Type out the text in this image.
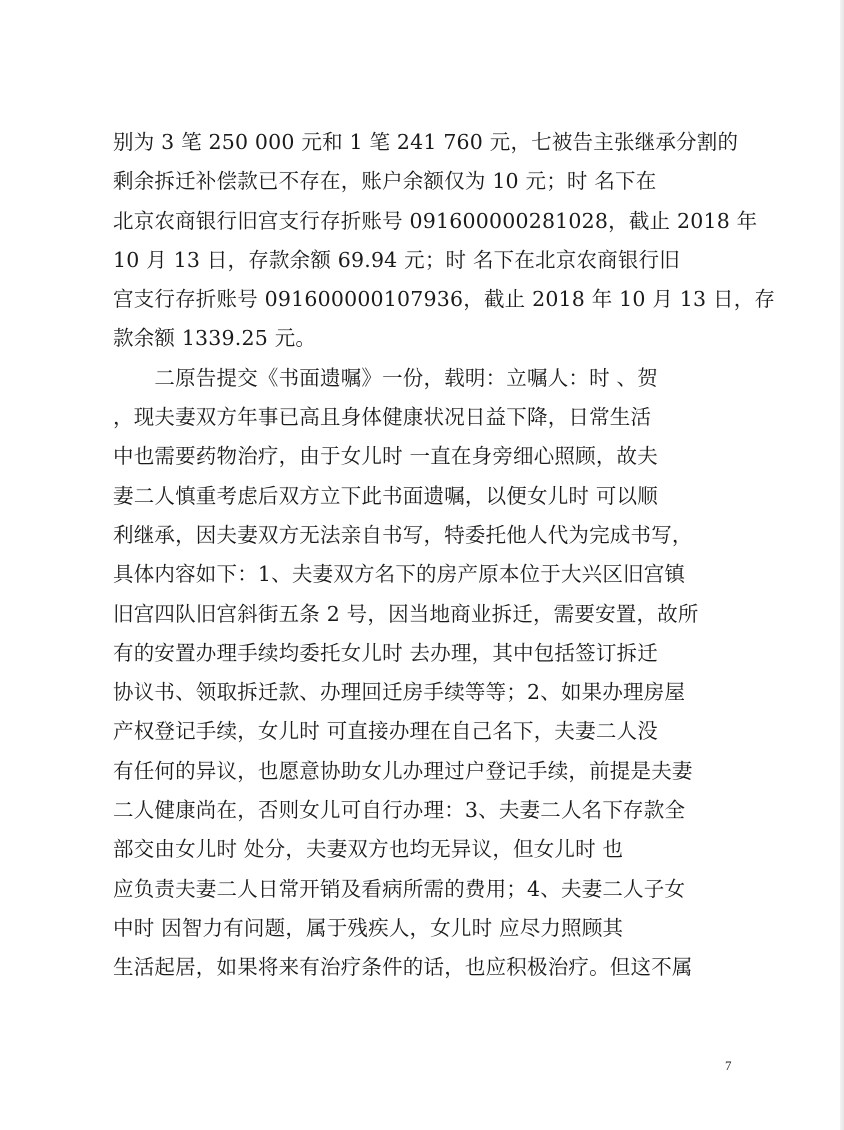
别为 3 笔 250 000 元和 1 笔 241 760 元，七被告主张继承分割的
剩余拆迁补偿款已不存在，账户余额仅为 10 元；时 名下在
北京农商银行旧宫支行存折账号 091600000281028，截止 2018 年
10 月 13 日，存款余额 69.94 元；时 名下在北京农商银行旧
宫支行存折账号 091600000107936，截止 2018 年 10 月 13 日，存
款余额 1339.25 元。
　　二原告提交《书面遗嘱》一份，载明：立嘱人：时 、贺
，现夫妻双方年事已高且身体健康状况日益下降，日常生活
中也需要药物治疗，由于女儿时 一直在身旁细心照顾，故夫
妻二人慎重考虑后双方立下此书面遗嘱，以便女儿时 可以顺
利继承，因夫妻双方无法亲自书写，特委托他人代为完成书写，
具体内容如下：1、夫妻双方名下的房产原本位于大兴区旧宫镇
旧宫四队旧宫斜街五条 2 号，因当地商业拆迁，需要安置，故所
有的安置办理手续均委托女儿时 去办理，其中包括签订拆迁
协议书、领取拆迁款、办理回迁房手续等等；2、如果办理房屋
产权登记手续，女儿时 可直接办理在自己名下，夫妻二人没
有任何的异议，也愿意协助女儿办理过户登记手续，前提是夫妻
二人健康尚在，否则女儿可自行办理：3、夫妻二人名下存款全
部交由女儿时 处分，夫妻双方也均无异议，但女儿时 也
应负责夫妻二人日常开销及看病所需的费用；4、夫妻二人子女
中时 因智力有问题，属于残疾人，女儿时 应尽力照顾其
生活起居，如果将来有治疗条件的话，也应积极治疗。但这不属
7
